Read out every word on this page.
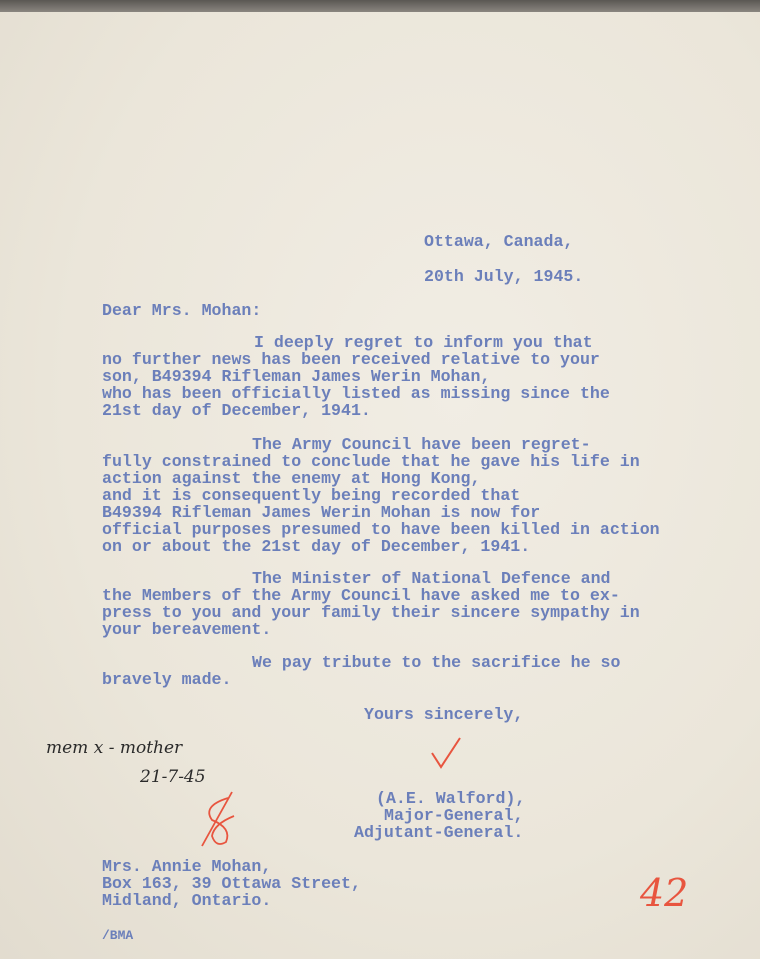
Ottawa, Canada,
20th July, 1945.
Dear Mrs. Mohan:
I deeply regret to inform you that
no further news has been received relative to your
son, B49394 Rifleman James Werin Mohan,
who has been officially listed as missing since the
21st day of December, 1941.
The Army Council have been regret-
fully constrained to conclude that he gave his life in
action against the enemy at Hong Kong,
and it is consequently being recorded that
B49394 Rifleman James Werin Mohan is now for
official purposes presumed to have been killed in action
on or about the 21st day of December, 1941.
The Minister of National Defence and
the Members of the Army Council have asked me to ex-
press to you and your family their sincere sympathy in
your bereavement.
We pay tribute to the sacrifice he so
bravely made.
Yours sincerely,
(A.E. Walford),
Major-General,
Adjutant-General.
Mrs. Annie Mohan,
Box 163, 39 Ottawa Street,
Midland, Ontario.
/BMA
mem x - mother
21-7-45
42
